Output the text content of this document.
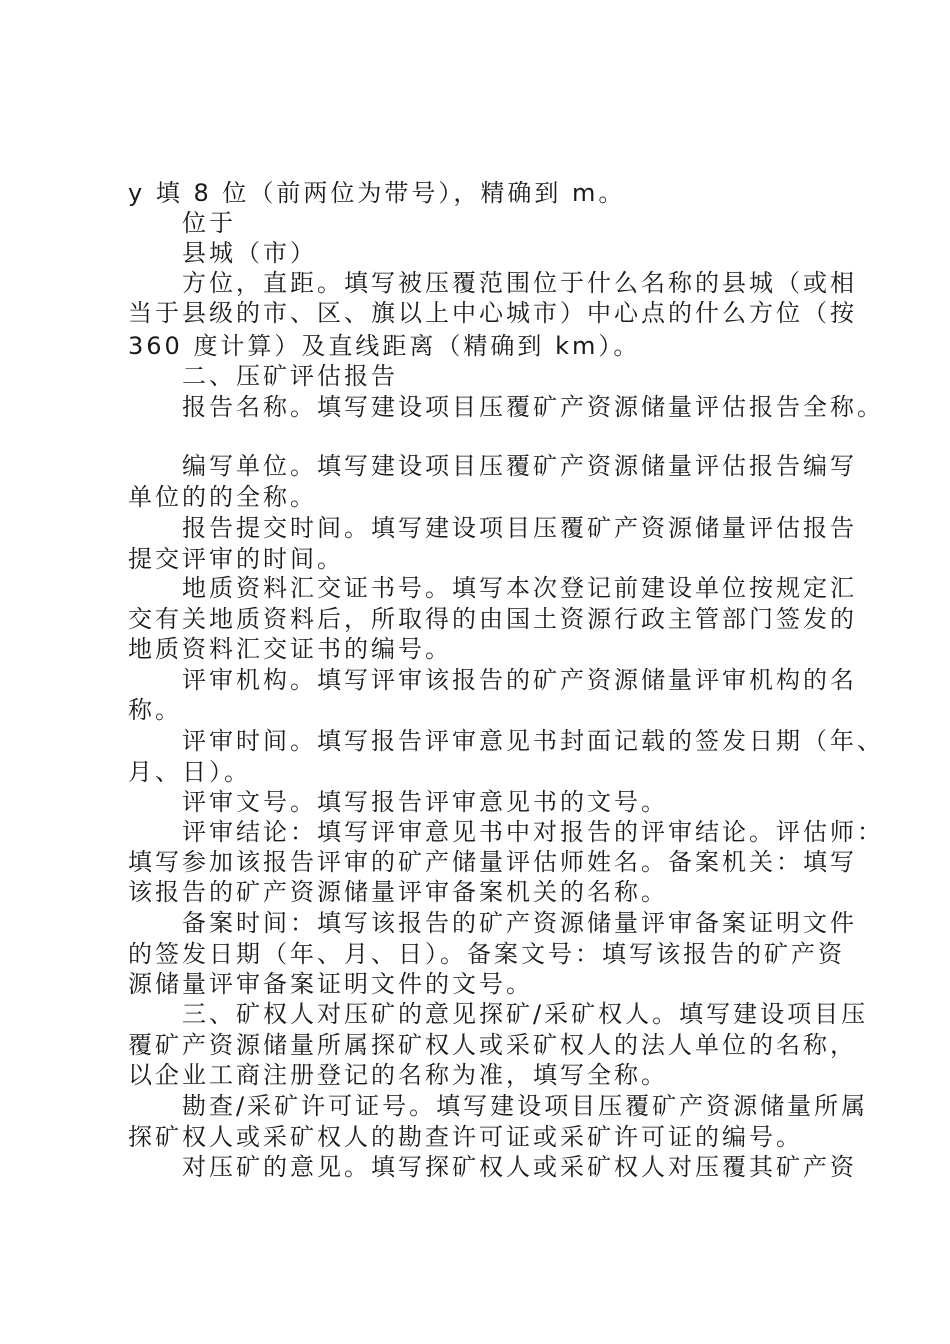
y 填 8 位（前两位为带号），精确到 m。
位于
县城（市）
方位，直距。填写被压覆范围位于什么名称的县城（或相
当于县级的市、区、旗以上中心城市）中心点的什么方位（按
360 度计算）及直线距离（精确到 km）。
二、压矿评估报告
报告名称。填写建设项目压覆矿产资源储量评估报告全称。
编写单位。填写建设项目压覆矿产资源储量评估报告编写
单位的的全称。
报告提交时间。填写建设项目压覆矿产资源储量评估报告
提交评审的时间。
地质资料汇交证书号。填写本次登记前建设单位按规定汇
交有关地质资料后，所取得的由国土资源行政主管部门签发的
地质资料汇交证书的编号。
评审机构。填写评审该报告的矿产资源储量评审机构的名
称。
评审时间。填写报告评审意见书封面记载的签发日期（年、
月、日）。
评审文号。填写报告评审意见书的文号。
评审结论：填写评审意见书中对报告的评审结论。评估师：
填写参加该报告评审的矿产储量评估师姓名。备案机关：填写
该报告的矿产资源储量评审备案机关的名称。
备案时间：填写该报告的矿产资源储量评审备案证明文件
的签发日期（年、月、日）。备案文号：填写该报告的矿产资
源储量评审备案证明文件的文号。
三、矿权人对压矿的意见探矿/采矿权人。填写建设项目压
覆矿产资源储量所属探矿权人或采矿权人的法人单位的名称，
以企业工商注册登记的名称为准，填写全称。
勘查/采矿许可证号。填写建设项目压覆矿产资源储量所属
探矿权人或采矿权人的勘查许可证或采矿许可证的编号。
对压矿的意见。填写探矿权人或采矿权人对压覆其矿产资
